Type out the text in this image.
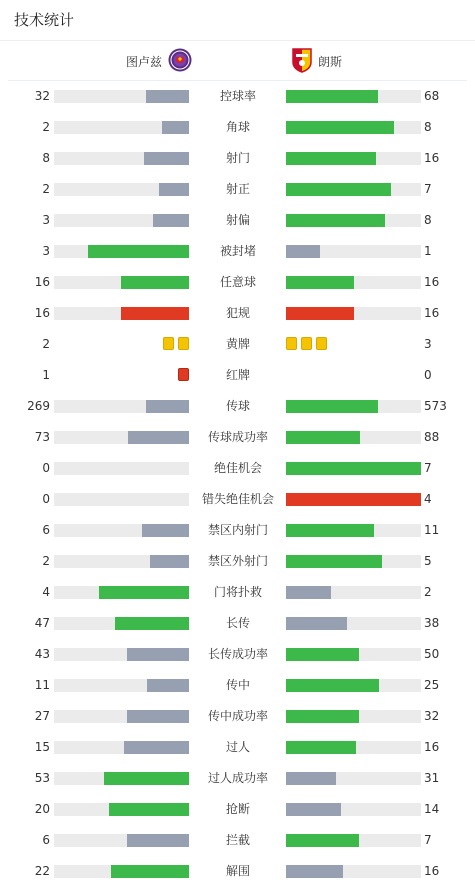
技术统计
图卢兹	朗斯
32	控球率	68
2	角球	8
8	射门	16
2	射正	7
3	射偏	8
3	被封堵	1
16	任意球	16
16	犯规	16
2	黄牌	3
1	红牌	0
269	传球	573
73	传球成功率	88
0	绝佳机会	7
0	错失绝佳机会	4
6	禁区内射门	11
2	禁区外射门	5
4	门将扑救	2
47	长传	38
43	长传成功率	50
11	传中	25
27	传中成功率	32
15	过人	16
53	过人成功率	31
20	抢断	14
6	拦截	7
22	解围	16
